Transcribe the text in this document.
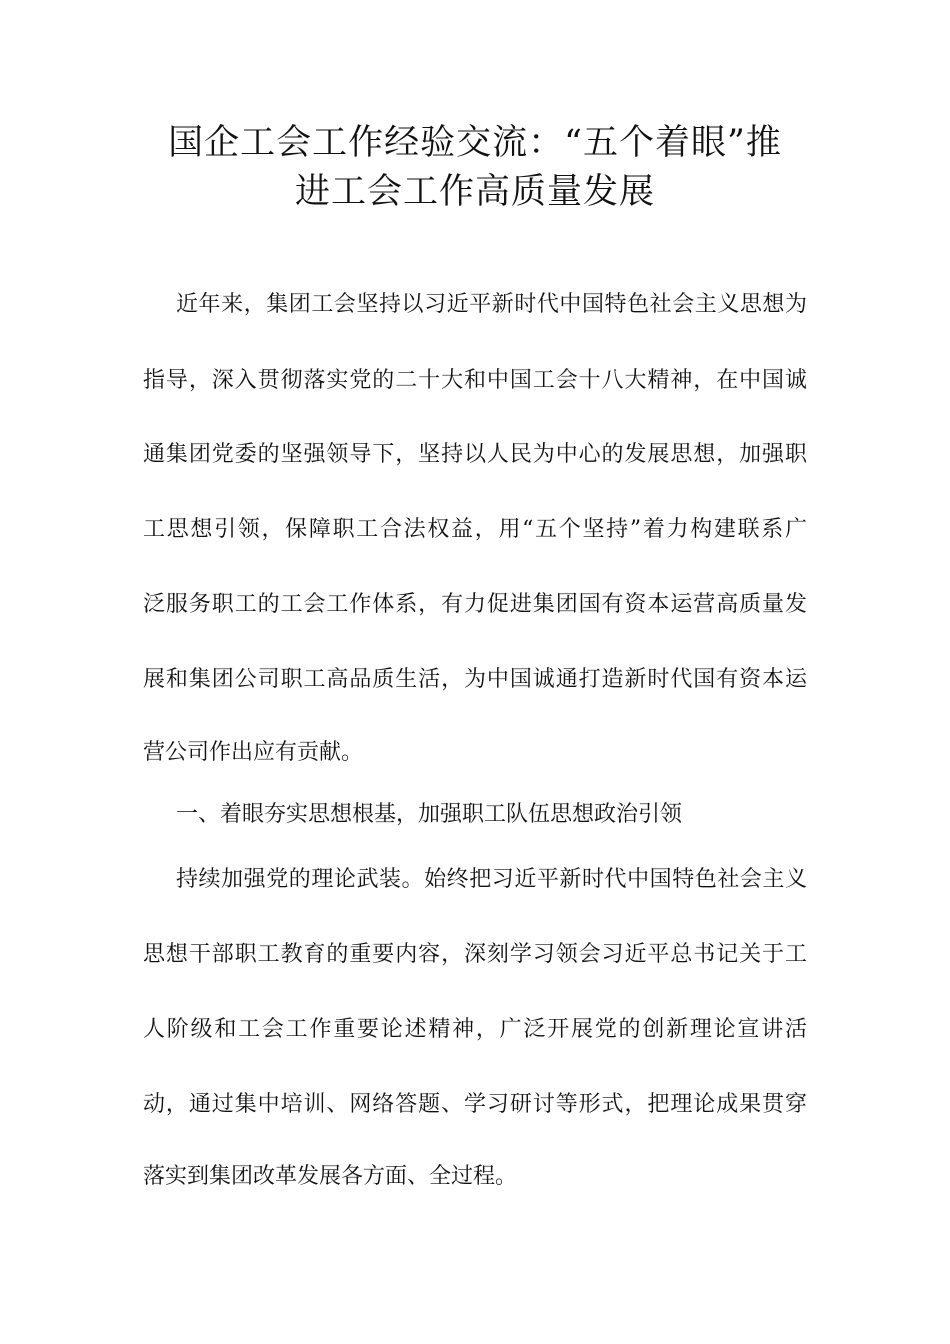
国企工会工作经验交流：“五个着眼”推
进工会工作高质量发展
近年来，集团工会坚持以习近平新时代中国特色社会主义思想为
指导，深入贯彻落实党的二十大和中国工会十八大精神，在中国诚
通集团党委的坚强领导下，坚持以人民为中心的发展思想，加强职
工思想引领，保障职工合法权益，用“五个坚持”着力构建联系广
泛服务职工的工会工作体系，有力促进集团国有资本运营高质量发
展和集团公司职工高品质生活，为中国诚通打造新时代国有资本运
营公司作出应有贡献。
一、着眼夯实思想根基，加强职工队伍思想政治引领
持续加强党的理论武装。始终把习近平新时代中国特色社会主义
思想干部职工教育的重要内容，深刻学习领会习近平总书记关于工
人阶级和工会工作重要论述精神，广泛开展党的创新理论宣讲活
动，通过集中培训、网络答题、学习研讨等形式，把理论成果贯穿
落实到集团改革发展各方面、全过程。
